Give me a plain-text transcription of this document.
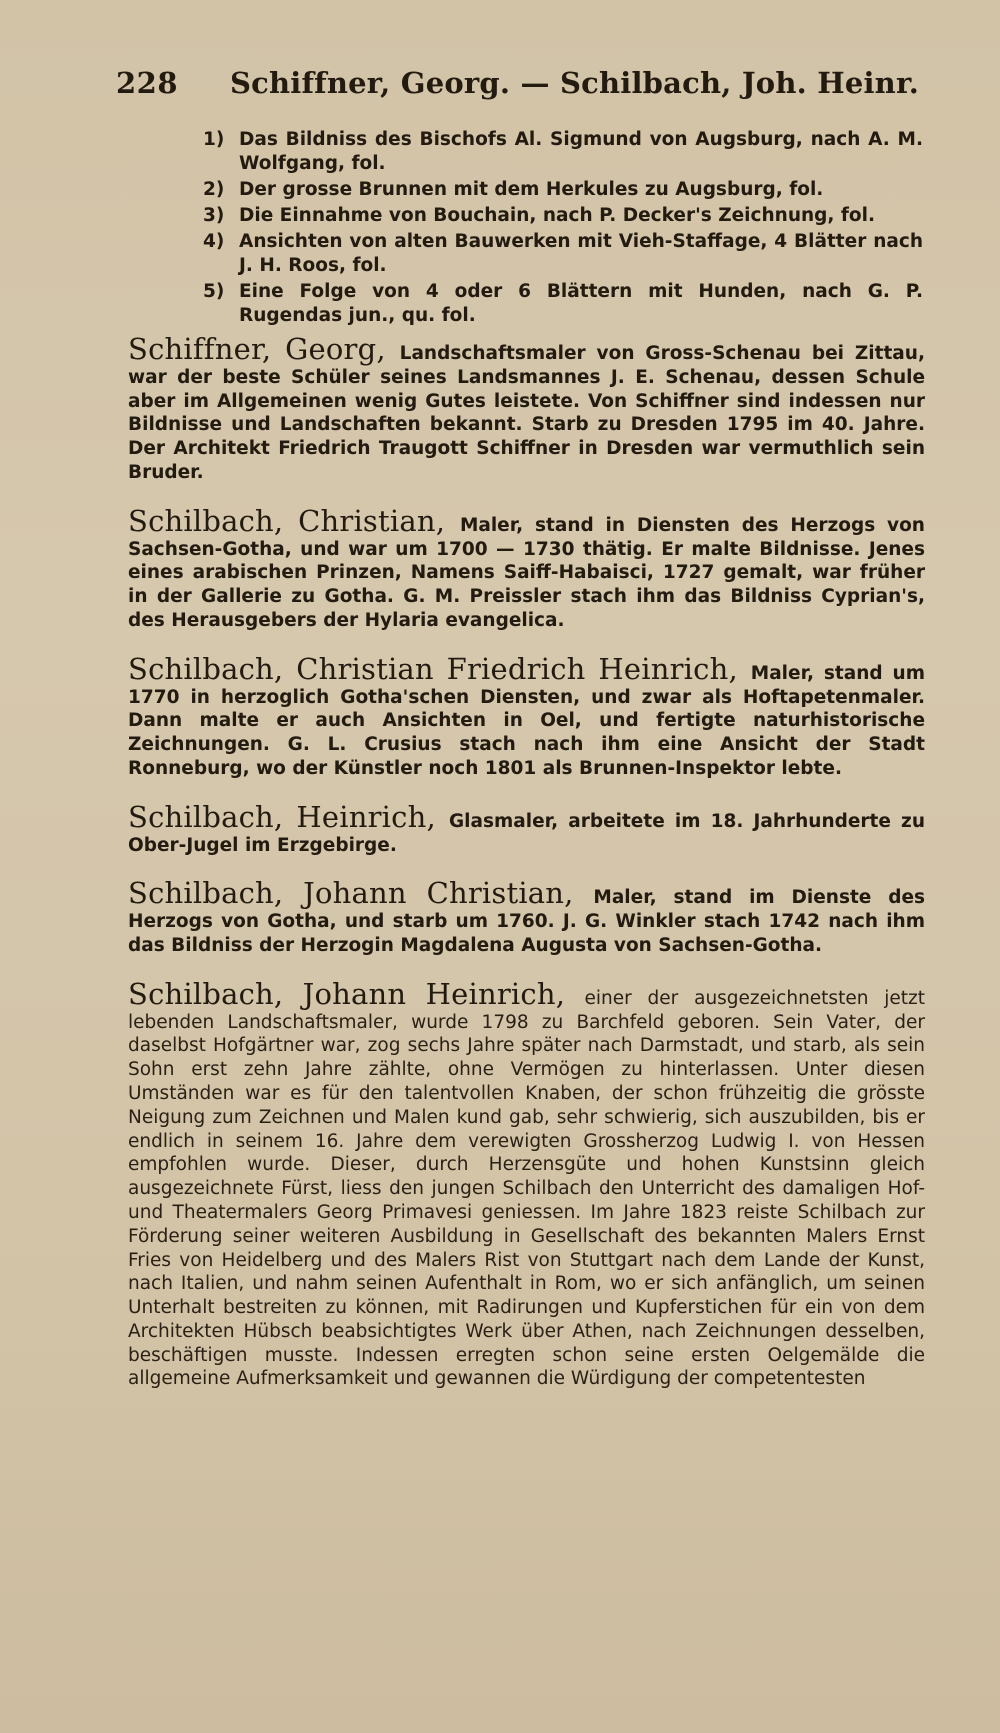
228 Schiffner, Georg. — Schilbach, Joh. Heinr.
1) Das Bildniss des Bischofs Al. Sigmund von Augsburg, nach A. M. Wolfgang, fol.
2) Der grosse Brunnen mit dem Herkules zu Augsburg, fol.
3) Die Einnahme von Bouchain, nach P. Decker's Zeichnung, fol.
4) Ansichten von alten Bauwerken mit Vieh-Staffage, 4 Blätter nach J. H. Roos, fol.
5) Eine Folge von 4 oder 6 Blättern mit Hunden, nach G. P. Rugendas jun., qu. fol.
Schiffner, Georg, Landschaftsmaler von Gross-Schenau bei Zittau, war der beste Schüler seines Landsmannes J. E. Schenau, dessen Schule aber im Allgemeinen wenig Gutes leistete. Von Schiffner sind indessen nur Bildnisse und Landschaften bekannt. Starb zu Dresden 1795 im 40. Jahre. Der Architekt Friedrich Traugott Schiffner in Dresden war vermuthlich sein Bruder.
Schilbach, Christian, Maler, stand in Diensten des Herzogs von Sachsen-Gotha, und war um 1700 — 1730 thätig. Er malte Bildnisse. Jenes eines arabischen Prinzen, Namens Saiff-Habaisci, 1727 gemalt, war früher in der Gallerie zu Gotha. G. M. Preissler stach ihm das Bildniss Cyprian's, des Herausgebers der Hylaria evangelica.
Schilbach, Christian Friedrich Heinrich, Maler, stand um 1770 in herzoglich Gotha'schen Diensten, und zwar als Hoftapetenmaler. Dann malte er auch Ansichten in Oel, und fertigte naturhistorische Zeichnungen. G. L. Crusius stach nach ihm eine Ansicht der Stadt Ronneburg, wo der Künstler noch 1801 als Brunnen-Inspektor lebte.
Schilbach, Heinrich, Glasmaler, arbeitete im 18. Jahrhunderte zu Ober-Jugel im Erzgebirge.
Schilbach, Johann Christian, Maler, stand im Dienste des Herzogs von Gotha, und starb um 1760. J. G. Winkler stach 1742 nach ihm das Bildniss der Herzogin Magdalena Augusta von Sachsen-Gotha.
Schilbach, Johann Heinrich, einer der ausgezeichnetsten jetzt lebenden Landschaftsmaler, wurde 1798 zu Barchfeld geboren. Sein Vater, der daselbst Hofgärtner war, zog sechs Jahre später nach Darmstadt, und starb, als sein Sohn erst zehn Jahre zählte, ohne Vermögen zu hinterlassen. Unter diesen Umständen war es für den talentvollen Knaben, der schon frühzeitig die grösste Neigung zum Zeichnen und Malen kund gab, sehr schwierig, sich auszubilden, bis er endlich in seinem 16. Jahre dem verewigten Grossherzog Ludwig I. von Hessen empfohlen wurde. Dieser, durch Herzensgüte und hohen Kunstsinn gleich ausgezeichnete Fürst, liess den jungen Schilbach den Unterricht des damaligen Hof- und Theatermalers Georg Primavesi geniessen. Im Jahre 1823 reiste Schilbach zur Förderung seiner weiteren Ausbildung in Gesellschaft des bekannten Malers Ernst Fries von Heidelberg und des Malers Rist von Stuttgart nach dem Lande der Kunst, nach Italien, und nahm seinen Aufenthalt in Rom, wo er sich anfänglich, um seinen Unterhalt bestreiten zu können, mit Radirungen und Kupferstichen für ein von dem Architekten Hübsch beabsichtigtes Werk über Athen, nach Zeichnungen desselben, beschäftigen musste. Indessen erregten schon seine ersten Oelgemälde die allgemeine Aufmerksamkeit und gewannen die Würdigung der competentesten
